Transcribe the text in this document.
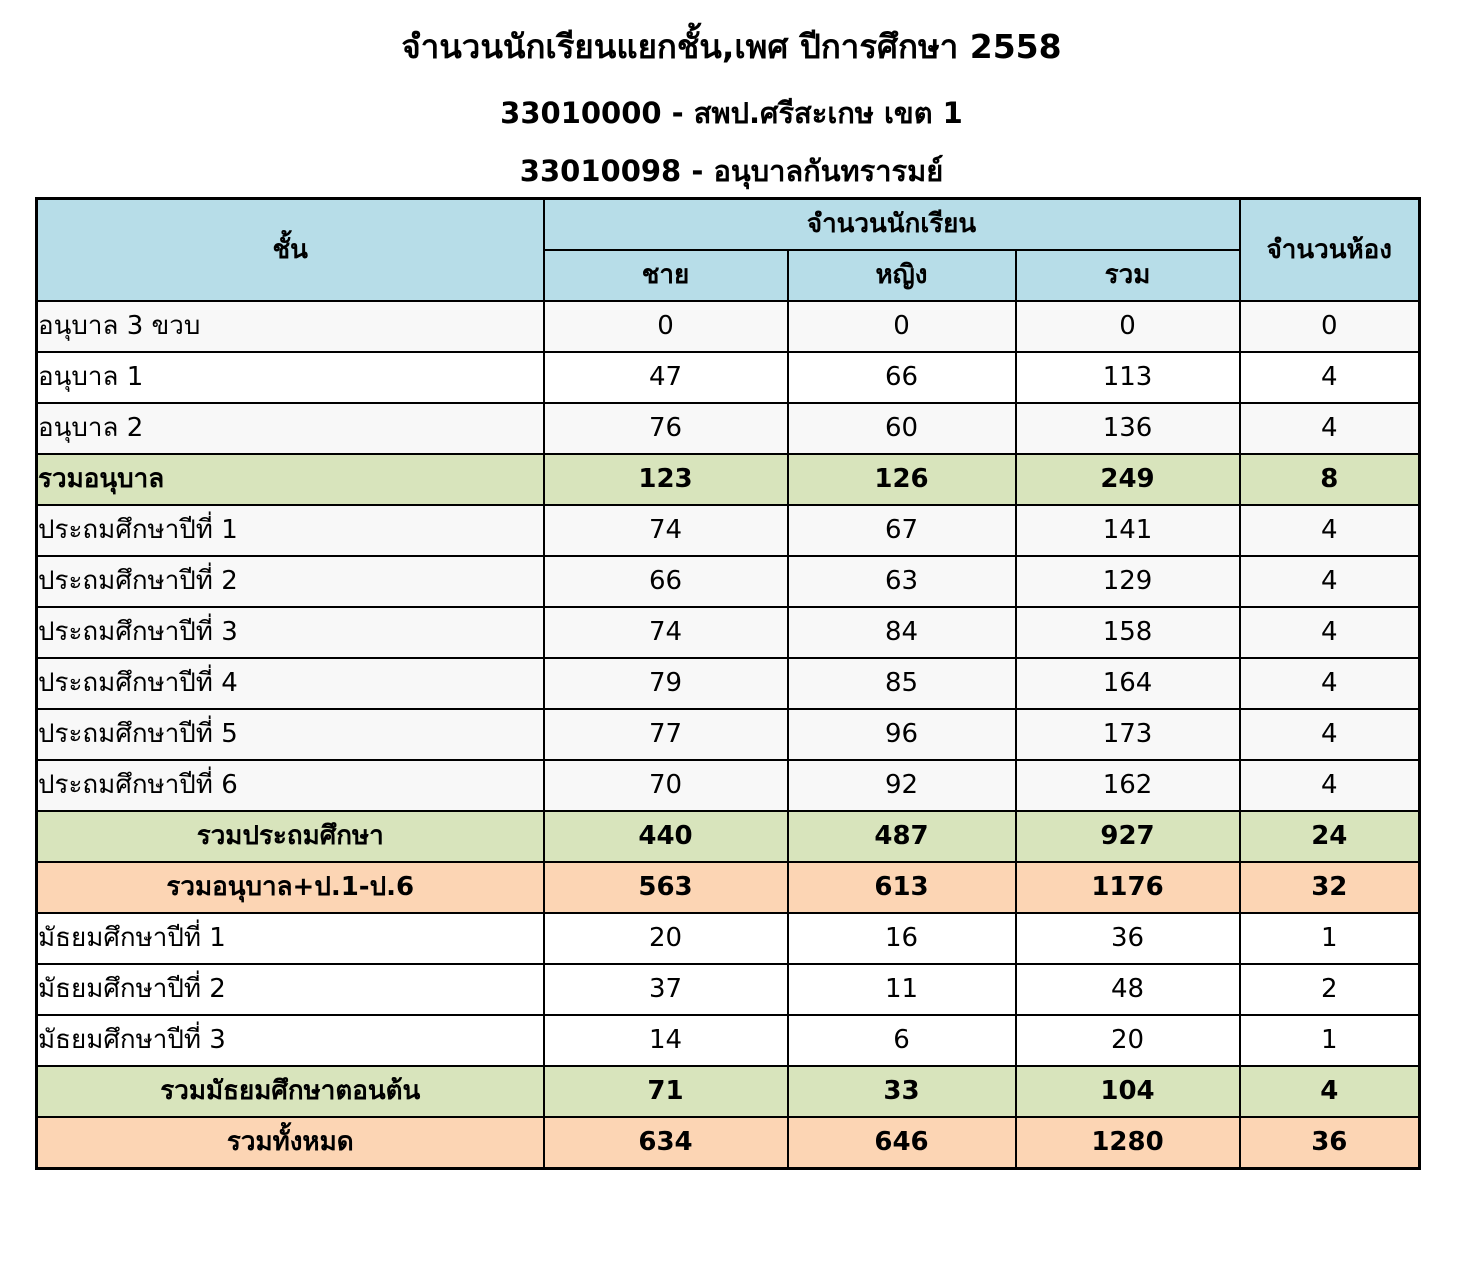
จำนวนนักเรียนแยกชั้น,เพศ ปีการศึกษา 2558
33010000 - สพป.ศรีสะเกษ เขต 1
33010098 - อนุบาลกันทรารมย์
ชั้น	จำนวนนักเรียน			จำนวนห้อง
	ชาย	หญิง	รวม	
อนุบาล 3 ขวบ	0	0	0	0
อนุบาล 1	47	66	113	4
อนุบาล 2	76	60	136	4
รวมอนุบาล	123	126	249	8
ประถมศึกษาปีที่ 1	74	67	141	4
ประถมศึกษาปีที่ 2	66	63	129	4
ประถมศึกษาปีที่ 3	74	84	158	4
ประถมศึกษาปีที่ 4	79	85	164	4
ประถมศึกษาปีที่ 5	77	96	173	4
ประถมศึกษาปีที่ 6	70	92	162	4
รวมประถมศึกษา	440	487	927	24
รวมอนุบาล+ป.1-ป.6	563	613	1176	32
มัธยมศึกษาปีที่ 1	20	16	36	1
มัธยมศึกษาปีที่ 2	37	11	48	2
มัธยมศึกษาปีที่ 3	14	6	20	1
รวมมัธยมศึกษาตอนต้น	71	33	104	4
รวมทั้งหมด	634	646	1280	36
